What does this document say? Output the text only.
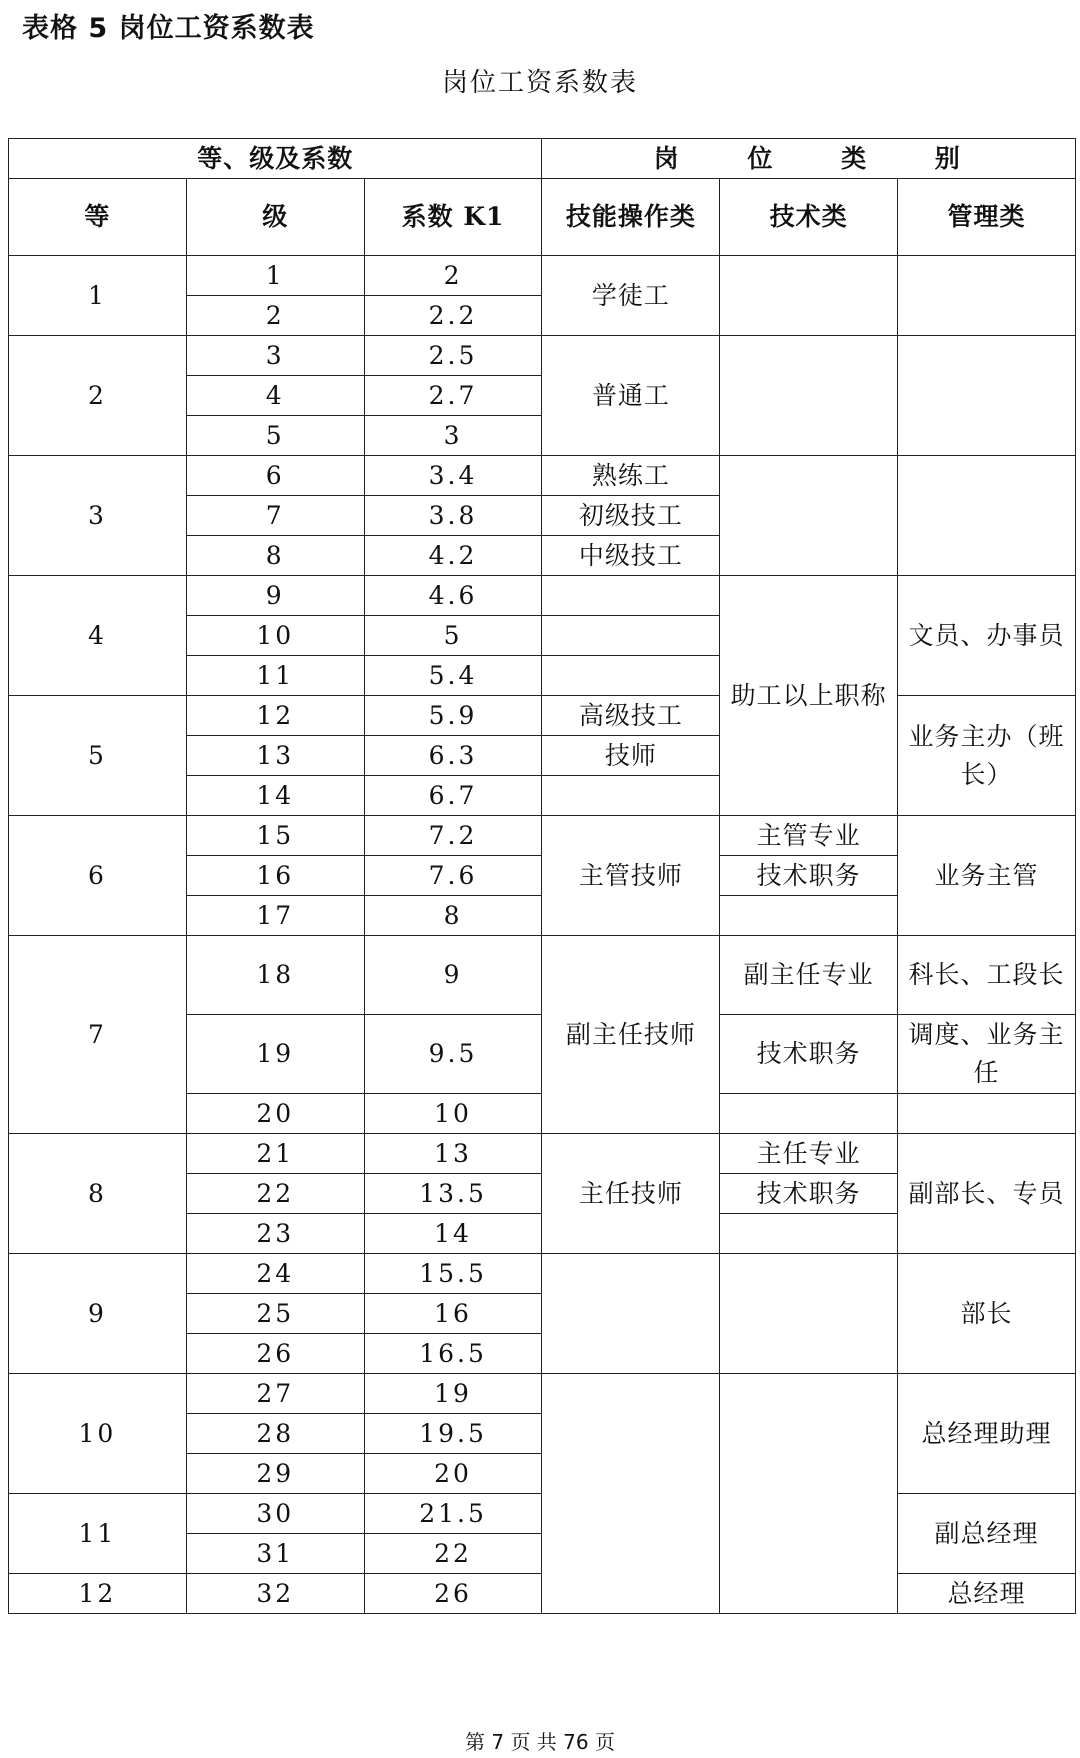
表格 5 岗位工资系数表
岗位工资系数表
等、级及系数			岗 位 类 别		
等	级	系数 K1	技能操作类	技术类	管理类
1	1	2	学徒工		
	2	2.2			
2	3	2.5	普通工		
	4	2.7			
	5	3			
3	6	3.4	熟练工		
	7	3.8	初级技工		
	8	4.2	中级技工		
4	9	4.6		助工以上职称	文员、办事员
	10	5			
	11	5.4			
5	12	5.9	高级技工		业务主办（班长）
	13	6.3	技师		
	14	6.7			
6	15	7.2	主管技师	主管专业	业务主管
	16	7.6		技术职务	
	17	8			
7	18	9	副主任技师	副主任专业	科长、工段长
	19	9.5		技术职务	调度、业务主任
	20	10			
8	21	13	主任技师	主任专业	副部长、专员
	22	13.5		技术职务	
	23	14			
9	24	15.5			部长
	25	16			
	26	16.5			
10	27	19			总经理助理
	28	19.5			
	29	20			
11	30	21.5			副总经理
	31	22			
12	32	26			总经理
第 7 页 共 76 页
